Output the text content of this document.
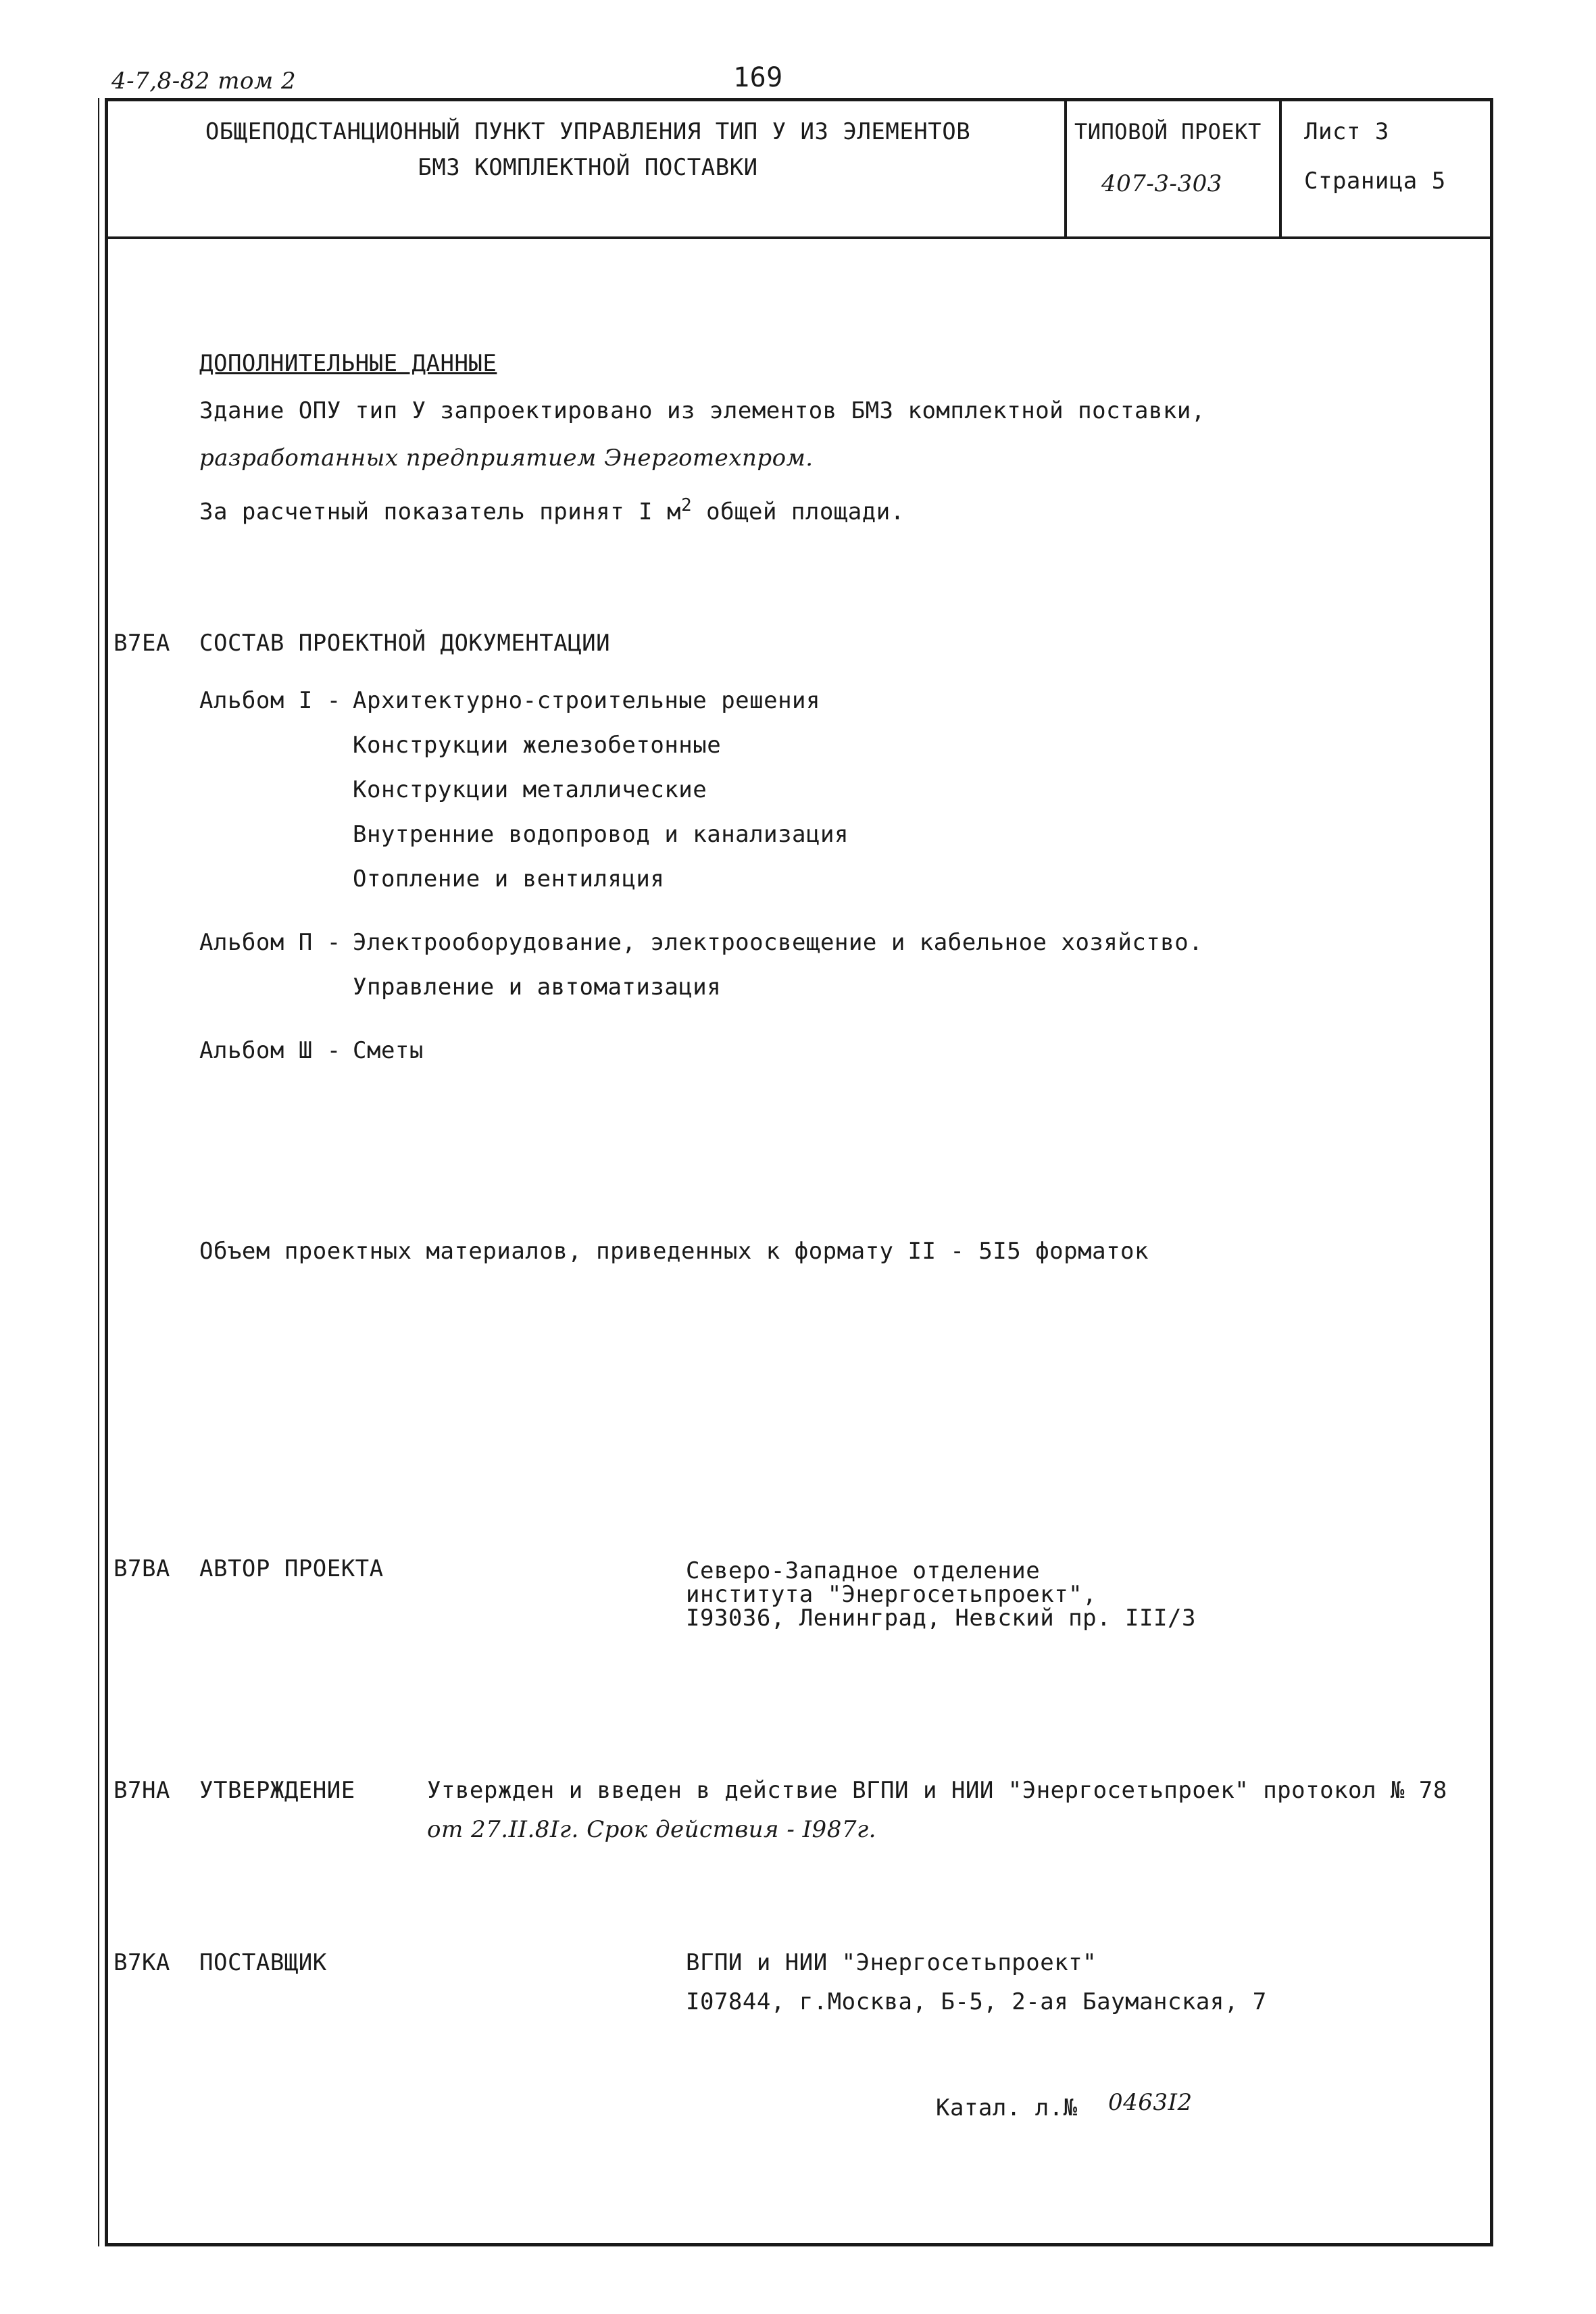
4-7,8-82 том 2	169
ОБЩЕПОДСТАНЦИОННЫЙ ПУНКТ УПРАВЛЕНИЯ ТИП У ИЗ ЭЛЕМЕНТОВ
БМЗ КОМПЛЕКТНОЙ ПОСТАВКИ
ТИПОВОЙ ПРОЕКТ
407-3-303
Лист 3
Страница 5
ДОПОЛНИТЕЛЬНЫЕ ДАННЫЕ
Здание ОПУ тип У запроектировано из элементов БМЗ комплектной поставки,
разработанных предприятием Энерготехпром.
За расчетный показатель принят I $м^2$ общей площади.
В7ЕА СОСТАВ ПРОЕКТНОЙ ДОКУМЕНТАЦИИ
Альбом I - Архитектурно-строительные решения
Конструкции железобетонные
Конструкции металлические
Внутренние водопровод и канализация
Отопление и вентиляция
Альбом П - Электрооборудование, электроосвещение и кабельное хозяйство.
Управление и автоматизация
Альбом Ш - Сметы
Объем проектных материалов, приведенных к формату II - 5I5 форматок
В7ВА АВТОР ПРОЕКТА	Северо-Западное отделение
института "Энергосетьпроект",
I93036, Ленинград, Невский пр. III/3
В7НА УТВЕРЖДЕНИЕ	Утвержден и введен в действие ВГПИ и НИИ "Энергосетьпроек" протокол № 78
от 27.II.8Iг. Срок действия - I987г.
В7КА ПОСТАВЩИК	ВГПИ и НИИ "Энергосетьпроект"
I07844, г.Москва, Б-5, 2-ая Бауманская, 7
Катал. л.№ 0463I2
